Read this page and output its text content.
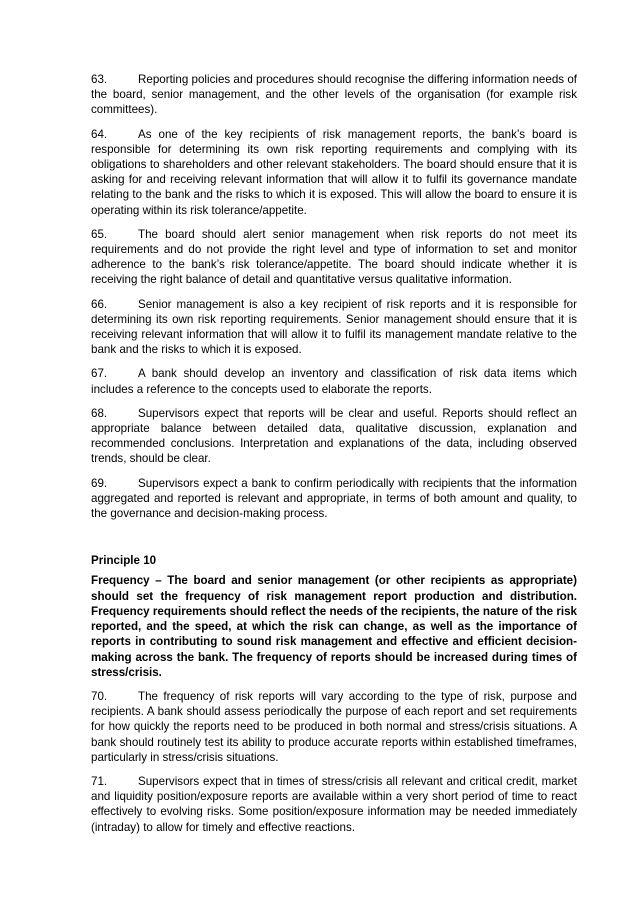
63.	Reporting policies and procedures should recognise the differing information needs of the board, senior management, and the other levels of the organisation (for example risk committees).

64.	As one of the key recipients of risk management reports, the bank’s board is responsible for determining its own risk reporting requirements and complying with its obligations to shareholders and other relevant stakeholders. The board should ensure that it is asking for and receiving relevant information that will allow it to fulfil its governance mandate relating to the bank and the risks to which it is exposed. This will allow the board to ensure it is operating within its risk tolerance/appetite.

65.	The board should alert senior management when risk reports do not meet its requirements and do not provide the right level and type of information to set and monitor adherence to the bank’s risk tolerance/appetite. The board should indicate whether it is receiving the right balance of detail and quantitative versus qualitative information.

66.	Senior management is also a key recipient of risk reports and it is responsible for determining its own risk reporting requirements. Senior management should ensure that it is receiving relevant information that will allow it to fulfil its management mandate relative to the bank and the risks to which it is exposed.

67.	A bank should develop an inventory and classification of risk data items which includes a reference to the concepts used to elaborate the reports.

68.	Supervisors expect that reports will be clear and useful. Reports should reflect an appropriate balance between detailed data, qualitative discussion, explanation and recommended conclusions. Interpretation and explanations of the data, including observed trends, should be clear.

69.	Supervisors expect a bank to confirm periodically with recipients that the information aggregated and reported is relevant and appropriate, in terms of both amount and quality, to the governance and decision-making process.

Principle 10

Frequency – The board and senior management (or other recipients as appropriate) should set the frequency of risk management report production and distribution. Frequency requirements should reflect the needs of the recipients, the nature of the risk reported, and the speed, at which the risk can change, as well as the importance of reports in contributing to sound risk management and effective and efficient decision-making across the bank. The frequency of reports should be increased during times of stress/crisis.

70.	The frequency of risk reports will vary according to the type of risk, purpose and recipients. A bank should assess periodically the purpose of each report and set requirements for how quickly the reports need to be produced in both normal and stress/crisis situations. A bank should routinely test its ability to produce accurate reports within established timeframes, particularly in stress/crisis situations.

71.	Supervisors expect that in times of stress/crisis all relevant and critical credit, market and liquidity position/exposure reports are available within a very short period of time to react effectively to evolving risks. Some position/exposure information may be needed immediately (intraday) to allow for timely and effective reactions.
